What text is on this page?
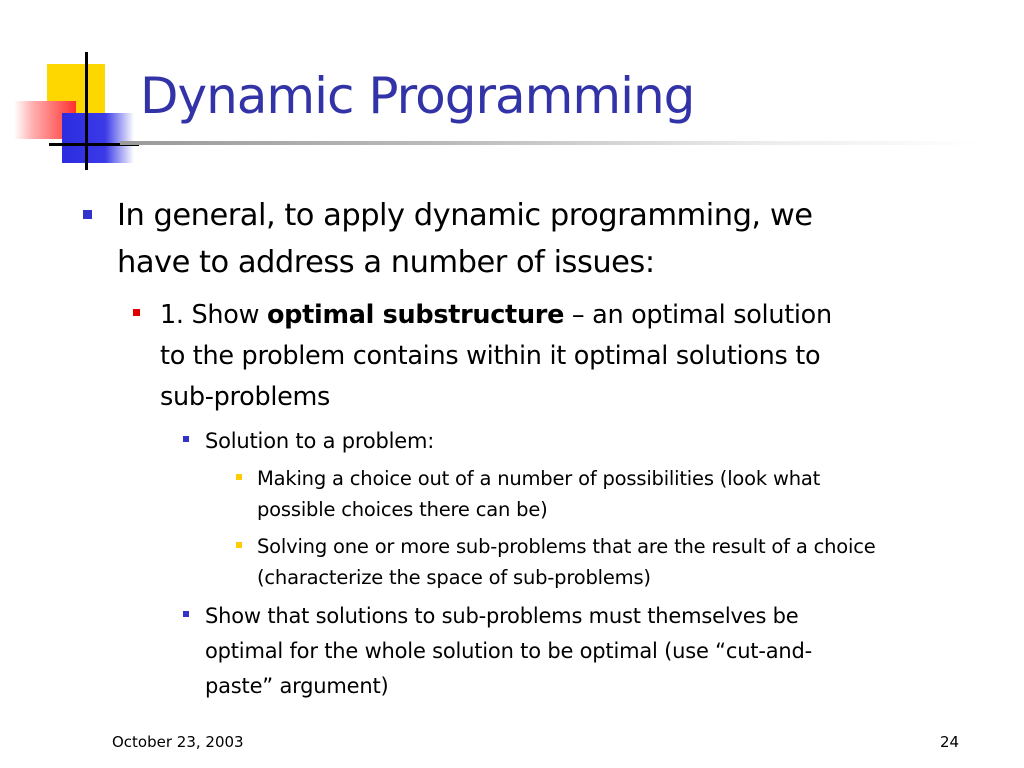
Dynamic Programming
In general, to apply dynamic programming, we
have to address a number of issues:
1. Show optimal substructure – an optimal solution
to the problem contains within it optimal solutions to
sub-problems
Solution to a problem:
Making a choice out of a number of possibilities (look what
possible choices there can be)
Solving one or more sub-problems that are the result of a choice
(characterize the space of sub-problems)
Show that solutions to sub-problems must themselves be
optimal for the whole solution to be optimal (use “cut-and-
paste” argument)
October 23, 2003	24
